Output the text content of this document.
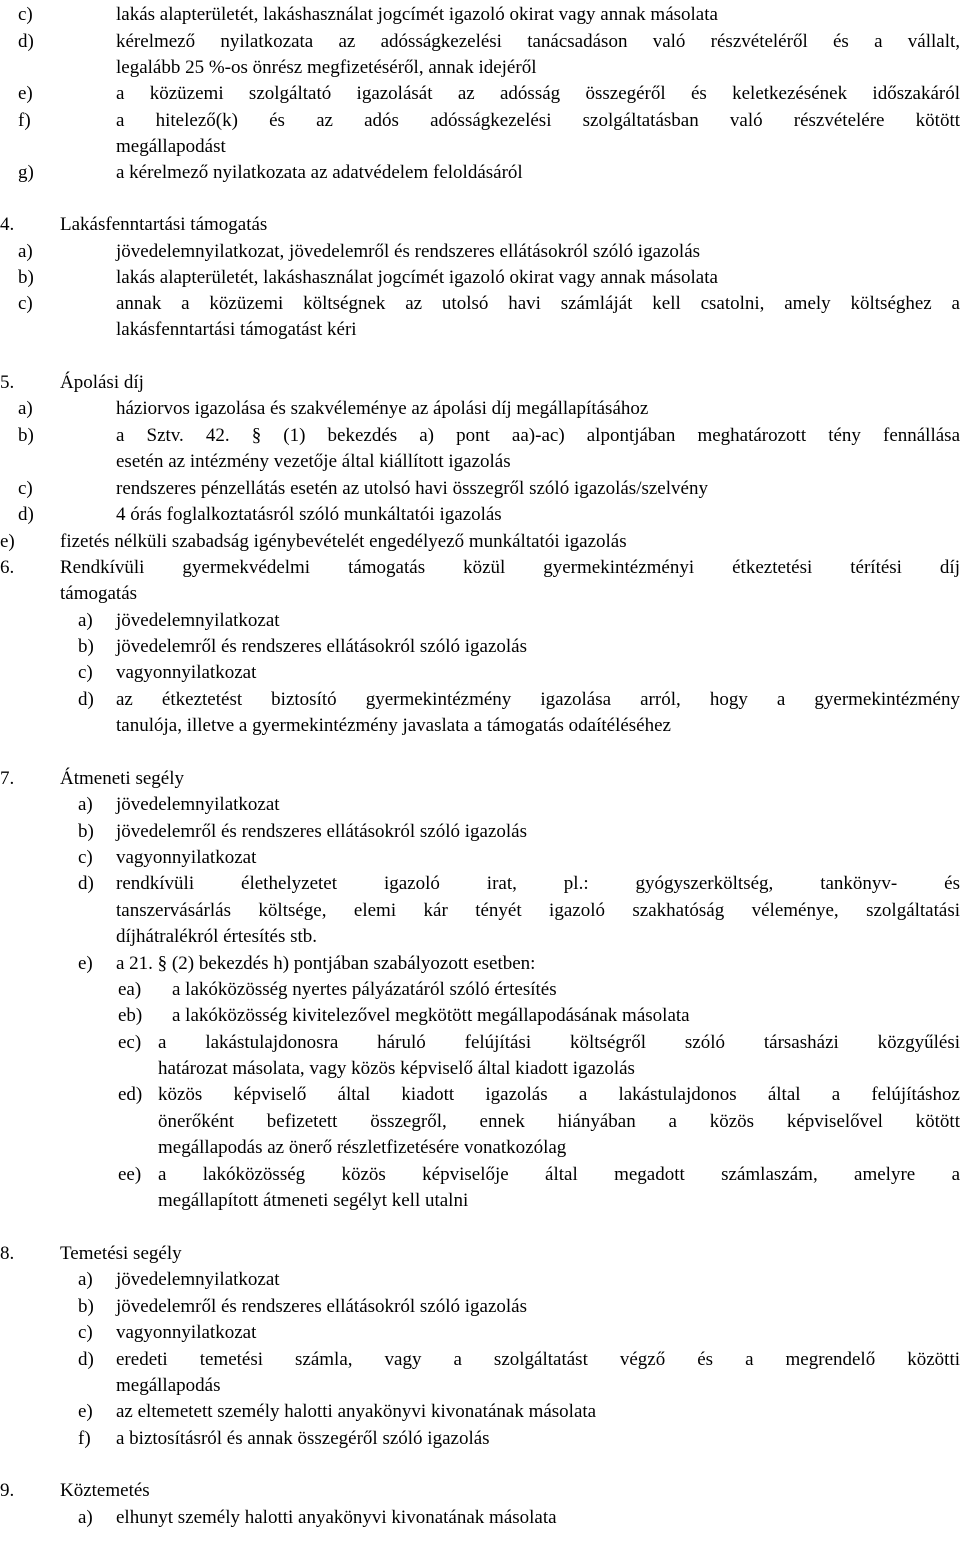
c)	lakás alapterületét, lakáshasználat jogcímét igazoló okirat vagy annak másolata
d)	kérelmező nyilatkozata az adósságkezelési tanácsadáson való részvételéről és a vállalt,
legalább 25 %-os önrész megfizetéséről, annak idejéről
e)	a közüzemi szolgáltató igazolását az adósság összegéről és keletkezésének időszakáról
f)	a hitelező(k) és az adós adósságkezelési szolgáltatásban való részvételére kötött
megállapodást
g)	a kérelmező nyilatkozata az adatvédelem feloldásáról
4. Lakásfenntartási támogatás
a)	jövedelemnyilatkozat, jövedelemről és rendszeres ellátásokról szóló igazolás
b)	lakás alapterületét, lakáshasználat jogcímét igazoló okirat vagy annak másolata
c)	annak a közüzemi költségnek az utolsó havi számláját kell csatolni, amely költséghez a
lakásfenntartási támogatást kéri
5. Ápolási díj
a)	háziorvos igazolása és szakvéleménye az ápolási díj megállapításához
b)	a Sztv. 42. § (1) bekezdés a) pont aa)-ac) alpontjában meghatározott tény fennállása
esetén az intézmény vezetője által kiállított igazolás
c)	rendszeres pénzellátás esetén az utolsó havi összegről szóló igazolás/szelvény
d)	4 órás foglalkoztatásról szóló munkáltatói igazolás
e) fizetés nélküli szabadság igénybevételét engedélyező munkáltatói igazolás
6. Rendkívüli gyermekvédelmi támogatás közül gyermekintézményi étkeztetési térítési díj
támogatás
a) jövedelemnyilatkozat
b) jövedelemről és rendszeres ellátásokról szóló igazolás
c) vagyonnyilatkozat
d) az étkeztetést biztosító gyermekintézmény igazolása arról, hogy a gyermekintézmény
tanulója, illetve a gyermekintézmény javaslata a támogatás odaítéléséhez
7. Átmeneti segély
a) jövedelemnyilatkozat
b) jövedelemről és rendszeres ellátásokról szóló igazolás
c) vagyonnyilatkozat
d) rendkívüli élethelyzetet igazoló irat, pl.: gyógyszerköltség, tankönyv- és
tanszervásárlás költsége, elemi kár tényét igazoló szakhatóság véleménye, szolgáltatási
díjhátralékról értesítés stb.
e) a 21. § (2) bekezdés h) pontjában szabályozott esetben:
ea) a lakóközösség nyertes pályázatáról szóló értesítés
eb) a lakóközösség kivitelezővel megkötött megállapodásának másolata
ec) a lakástulajdonosra háruló felújítási költségről szóló társasházi közgyűlési
határozat másolata, vagy közös képviselő által kiadott igazolás
ed) közös képviselő által kiadott igazolás a lakástulajdonos által a felújításhoz
önerőként befizetett összegről, ennek hiányában a közös képviselővel kötött
megállapodás az önerő részletfizetésére vonatkozólag
ee) a lakóközösség közös képviselője által megadott számlaszám, amelyre a
megállapított átmeneti segélyt kell utalni
8. Temetési segély
a) jövedelemnyilatkozat
b) jövedelemről és rendszeres ellátásokról szóló igazolás
c) vagyonnyilatkozat
d) eredeti temetési számla, vagy a szolgáltatást végző és a megrendelő közötti
megállapodás
e) az eltemetett személy halotti anyakönyvi kivonatának másolata
f) a biztosításról és annak összegéről szóló igazolás
9. Köztemetés
a) elhunyt személy halotti anyakönyvi kivonatának másolata
